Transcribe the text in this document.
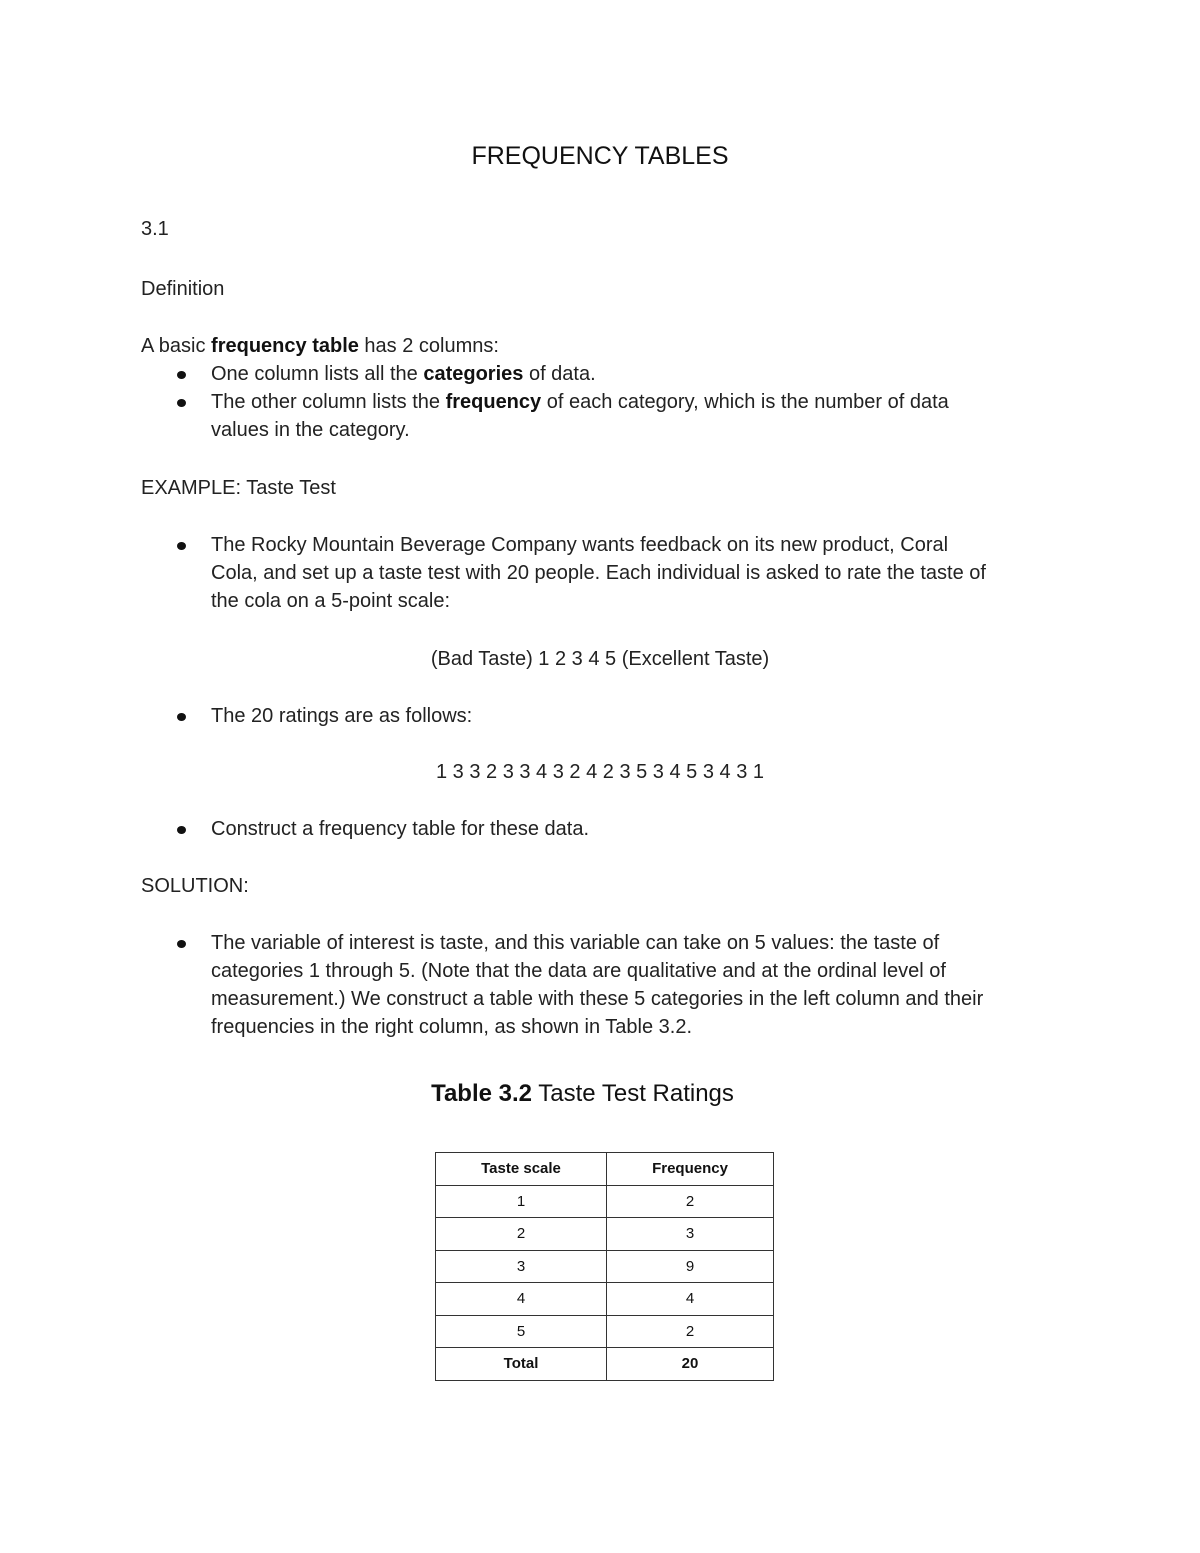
FREQUENCY TABLES
3.1
Definition
A basic frequency table has 2 columns:
One column lists all the categories of data.
The other column lists the frequency of each category, which is the number of data
values in the category.
EXAMPLE: Taste Test
The Rocky Mountain Beverage Company wants feedback on its new product, Coral
Cola, and set up a taste test with 20 people. Each individual is asked to rate the taste of
the cola on a 5-point scale:
(Bad Taste) 1 2 3 4 5 (Excellent Taste)
The 20 ratings are as follows:
1 3 3 2 3 3 4 3 2 4 2 3 5 3 4 5 3 4 3 1
Construct a frequency table for these data.
SOLUTION:
The variable of interest is taste, and this variable can take on 5 values: the taste of
categories 1 through 5. (Note that the data are qualitative and at the ordinal level of
measurement.) We construct a table with these 5 categories in the left column and their
frequencies in the right column, as shown in Table 3.2.
Table 3.2 Taste Test Ratings
Taste scale	Frequency
1	2
2	3
3	9
4	4
5	2
Total	20
